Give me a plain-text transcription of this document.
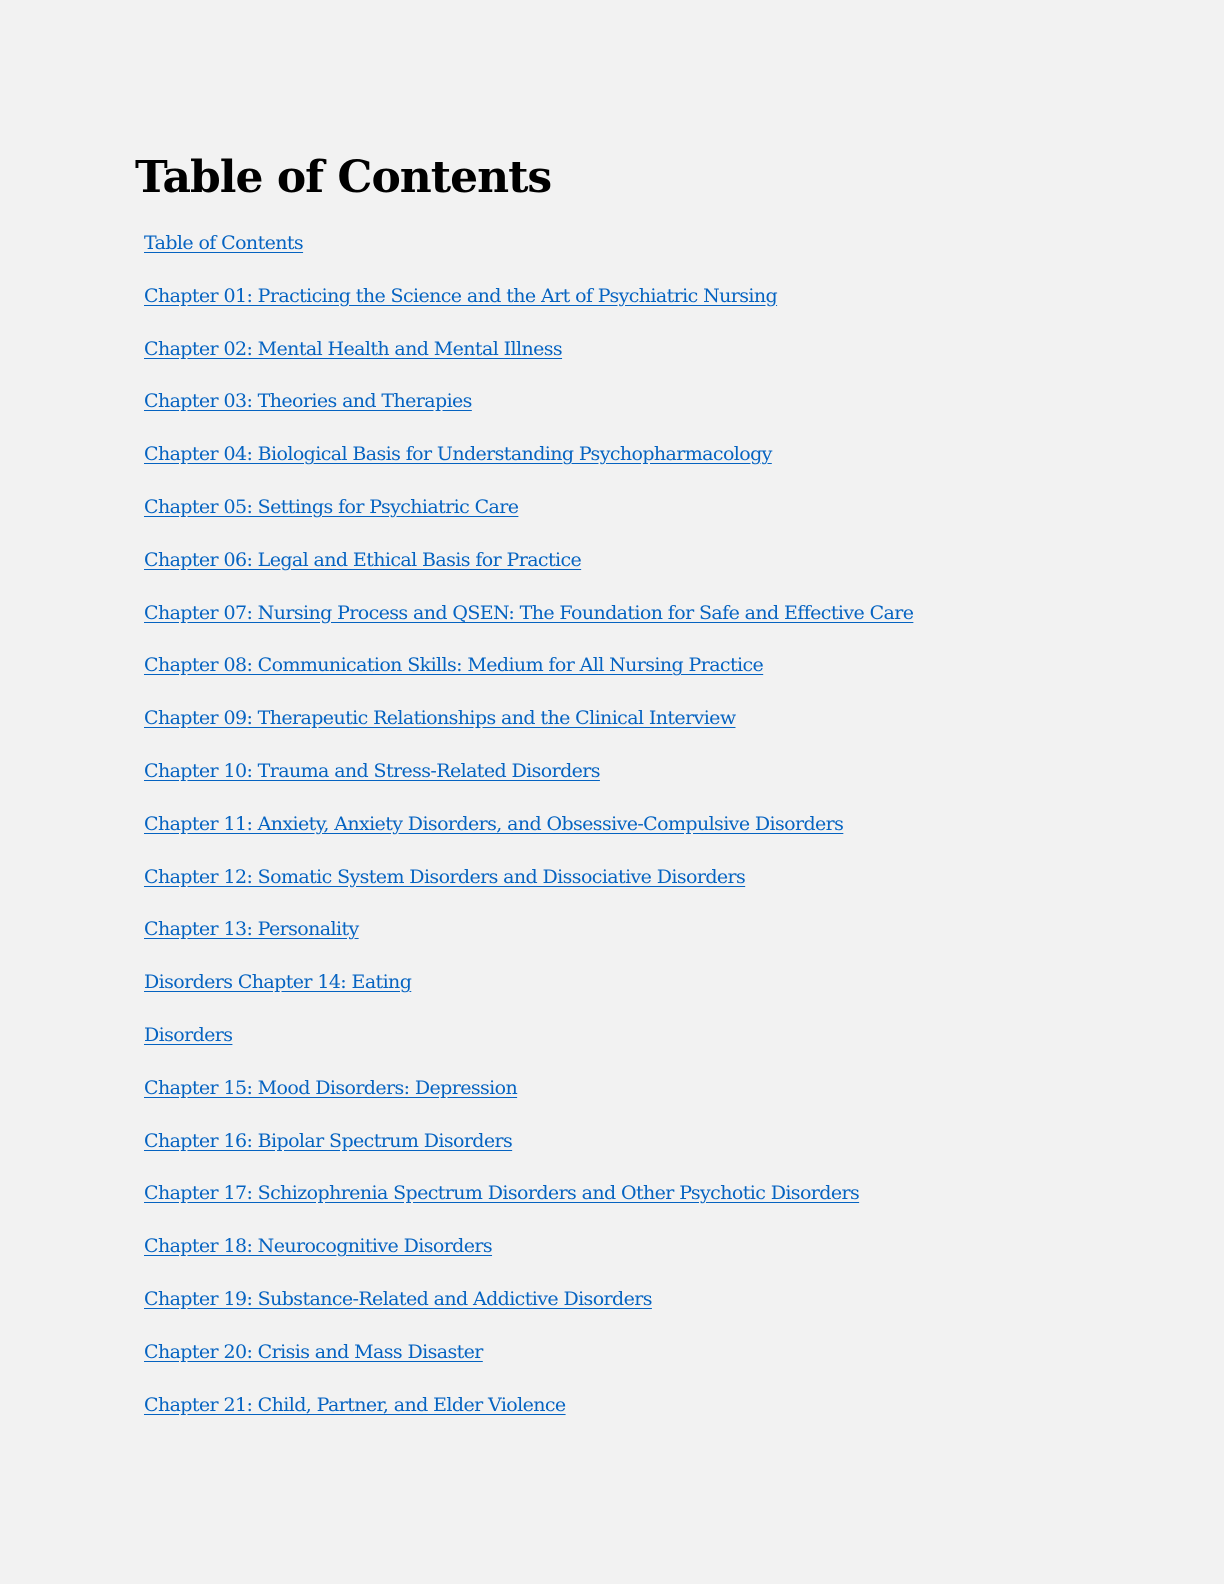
Table of Contents
Table of Contents
Chapter 01: Practicing the Science and the Art of Psychiatric Nursing
Chapter 02: Mental Health and Mental Illness
Chapter 03: Theories and Therapies
Chapter 04: Biological Basis for Understanding Psychopharmacology
Chapter 05: Settings for Psychiatric Care
Chapter 06: Legal and Ethical Basis for Practice
Chapter 07: Nursing Process and QSEN: The Foundation for Safe and Effective Care
Chapter 08: Communication Skills: Medium for All Nursing Practice
Chapter 09: Therapeutic Relationships and the Clinical Interview
Chapter 10: Trauma and Stress-Related Disorders
Chapter 11: Anxiety, Anxiety Disorders, and Obsessive-Compulsive Disorders
Chapter 12: Somatic System Disorders and Dissociative Disorders
Chapter 13: Personality
Disorders Chapter 14: Eating
Disorders
Chapter 15: Mood Disorders: Depression
Chapter 16: Bipolar Spectrum Disorders
Chapter 17: Schizophrenia Spectrum Disorders and Other Psychotic Disorders
Chapter 18: Neurocognitive Disorders
Chapter 19: Substance-Related and Addictive Disorders
Chapter 20: Crisis and Mass Disaster
Chapter 21: Child, Partner, and Elder Violence
